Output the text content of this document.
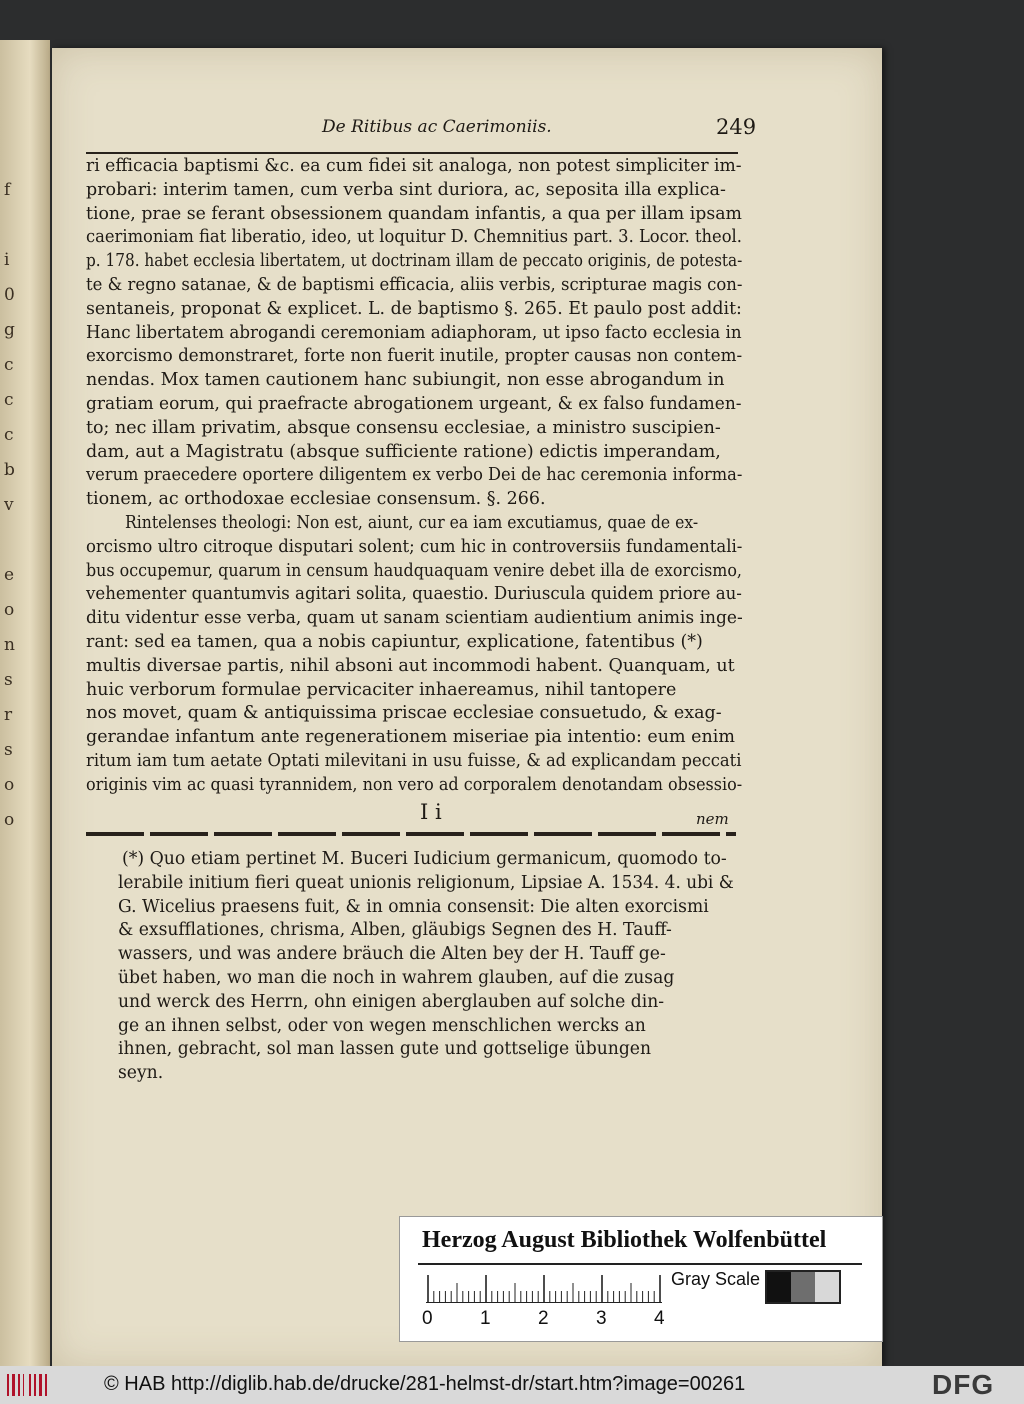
f
i
0
g
c
c
c
b
v
e
o
n
s
r
s
o
o
De Ritibus ac Caerimoniis.	249
ri efficacia baptismi &c. ea cum fidei sit analoga, non potest simpliciter im-
probari: interim tamen, cum verba sint duriora, ac, seposita illa explica-
tione, prae se ferant obsessionem quandam infantis, a qua per illam ipsam
caerimoniam fiat liberatio, ideo, ut loquitur D. Chemnitius part. 3. Locor. theol.
p. 178. habet ecclesia libertatem, ut doctrinam illam de peccato originis, de potesta-
te & regno satanae, & de baptismi efficacia, aliis verbis, scripturae magis con-
sentaneis, proponat & explicet. L. de baptismo §. 265. Et paulo post addit:
Hanc libertatem abrogandi ceremoniam adiaphoram, ut ipso facto ecclesia in
exorcismo demonstraret, forte non fuerit inutile, propter causas non contem-
nendas. Mox tamen cautionem hanc subiungit, non esse abrogandum in
gratiam eorum, qui praefracte abrogationem urgeant, & ex falso fundamen-
to; nec illam privatim, absque consensu ecclesiae, a ministro suscipien-
dam, aut a Magistratu (absque sufficiente ratione) edictis imperandam,
verum praecedere oportere diligentem ex verbo Dei de hac ceremonia informa-
tionem, ac orthodoxae ecclesiae consensum. §. 266.
Rintelenses theologi: Non est, aiunt, cur ea iam excutiamus, quae de ex-
orcismo ultro citroque disputari solent; cum hic in controversiis fundamentali-
bus occupemur, quarum in censum haudquaquam venire debet illa de exorcismo,
vehementer quantumvis agitari solita, quaestio. Duriuscula quidem priore au-
ditu videntur esse verba, quam ut sanam scientiam audientium animis inge-
rant: sed ea tamen, qua a nobis capiuntur, explicatione, fatentibus (*)
multis diversae partis, nihil absoni aut incommodi habent. Quanquam, ut
huic verborum formulae pervicaciter inhaereamus, nihil tantopere
nos movet, quam & antiquissima priscae ecclesiae consuetudo, & exag-
gerandae infantum ante regenerationem miseriae pia intentio: eum enim
ritum iam tum aetate Optati milevitani in usu fuisse, & ad explicandam peccati
originis vim ac quasi tyrannidem, non vero ad corporalem denotandam obsessio-
I i	nem
(*) Quo etiam pertinet M. Buceri Iudicium germanicum, quomodo to-
lerabile initium fieri queat unionis religionum, Lipsiae A. 1534. 4. ubi &
G. Wicelius praesens fuit, & in omnia consensit: Die alten exorcismi
& exsufflationes, chrisma, Alben, gläubigs Segnen des H. Tauff-
wassers, und was andere bräuch die Alten bey der H. Tauff ge-
übet haben, wo man die noch in wahrem glauben, auf die zusag
und werck des Herrn, ohn einigen aberglauben auf solche din-
ge an ihnen selbst, oder von wegen menschlichen wercks an
ihnen, gebracht, sol man lassen gute und gottselige übungen
seyn.
Herzog August Bibliothek Wolfenbüttel
Gray Scale
0 1 2 3 4
© HAB http://diglib.hab.de/drucke/281-helmst-dr/start.htm?image=00261	DFG
